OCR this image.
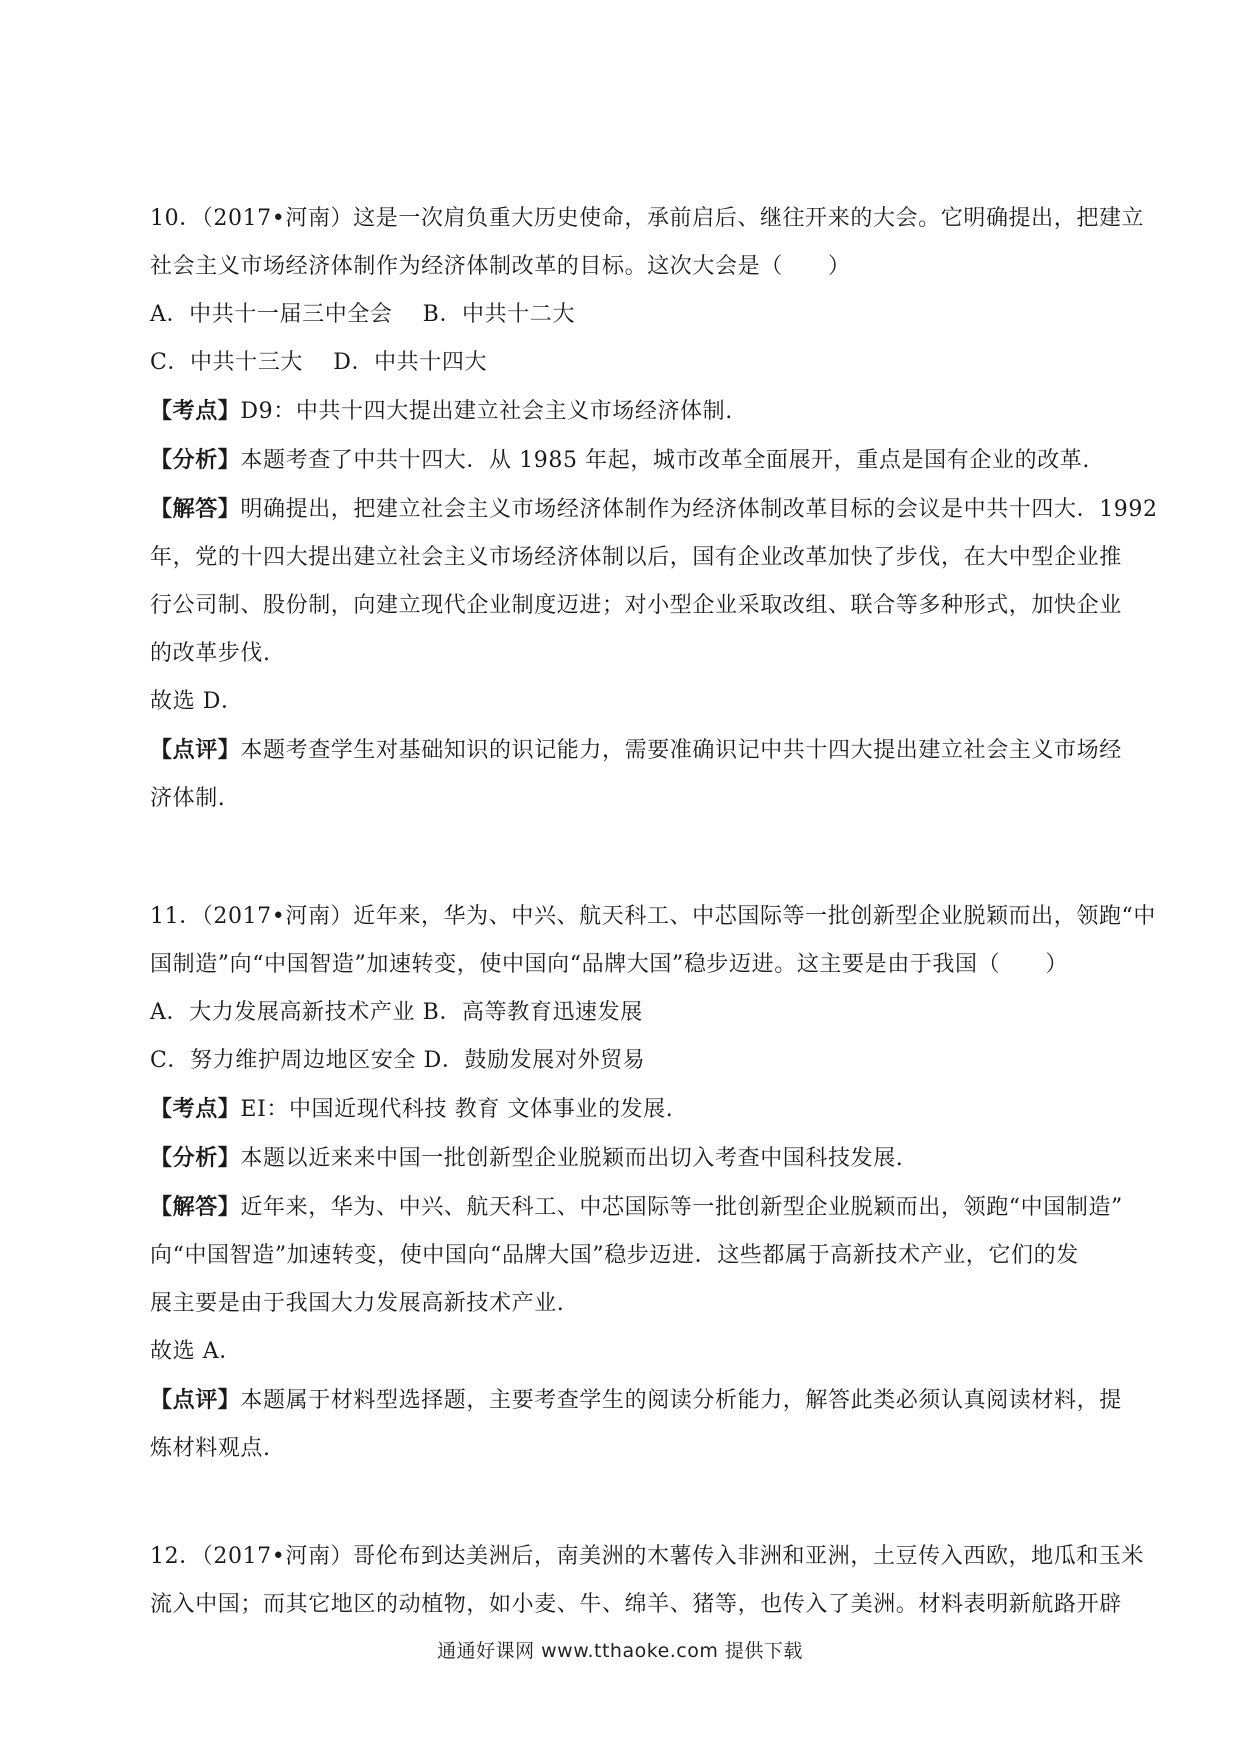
10．（2017•河南）这是一次肩负重大历史使命，承前启后、继往开来的大会。它明确提出，把建立
社会主义市场经济体制作为经济体制改革的目标。这次大会是（　　）
A．中共十一届三中全会　 B．中共十二大
C．中共十三大　 D．中共十四大
【考点】D9：中共十四大提出建立社会主义市场经济体制.
【分析】本题考查了中共十四大．从 1985 年起，城市改革全面展开，重点是国有企业的改革.
【解答】明确提出，把建立社会主义市场经济体制作为经济体制改革目标的会议是中共十四大．1992
年，党的十四大提出建立社会主义市场经济体制以后，国有企业改革加快了步伐，在大中型企业推
行公司制、股份制，向建立现代企业制度迈进；对小型企业采取改组、联合等多种形式，加快企业
的改革步伐.
故选 D．
【点评】本题考查学生对基础知识的识记能力，需要准确识记中共十四大提出建立社会主义市场经
济体制.
11．（2017•河南）近年来，华为、中兴、航天科工、中芯国际等一批创新型企业脱颖而出，领跑“中
国制造”向“中国智造”加速转变，使中国向“品牌大国”稳步迈进。这主要是由于我国（　　）
A．大力发展高新技术产业 B．高等教育迅速发展
C．努力维护周边地区安全 D．鼓励发展对外贸易
【考点】EI：中国近现代科技 教育 文体事业的发展.
【分析】本题以近来来中国一批创新型企业脱颖而出切入考查中国科技发展.
【解答】近年来，华为、中兴、航天科工、中芯国际等一批创新型企业脱颖而出，领跑“中国制造”
向“中国智造”加速转变，使中国向“品牌大国”稳步迈进．这些都属于高新技术产业，它们的发
展主要是由于我国大力发展高新技术产业.
故选 A．
【点评】本题属于材料型选择题，主要考查学生的阅读分析能力，解答此类必须认真阅读材料，提
炼材料观点.
12．（2017•河南）哥伦布到达美洲后，南美洲的木薯传入非洲和亚洲，土豆传入西欧，地瓜和玉米
流入中国；而其它地区的动植物，如小麦、牛、绵羊、猪等，也传入了美洲。材料表明新航路开辟
通通好课网 www.tthaoke.com 提供下载
